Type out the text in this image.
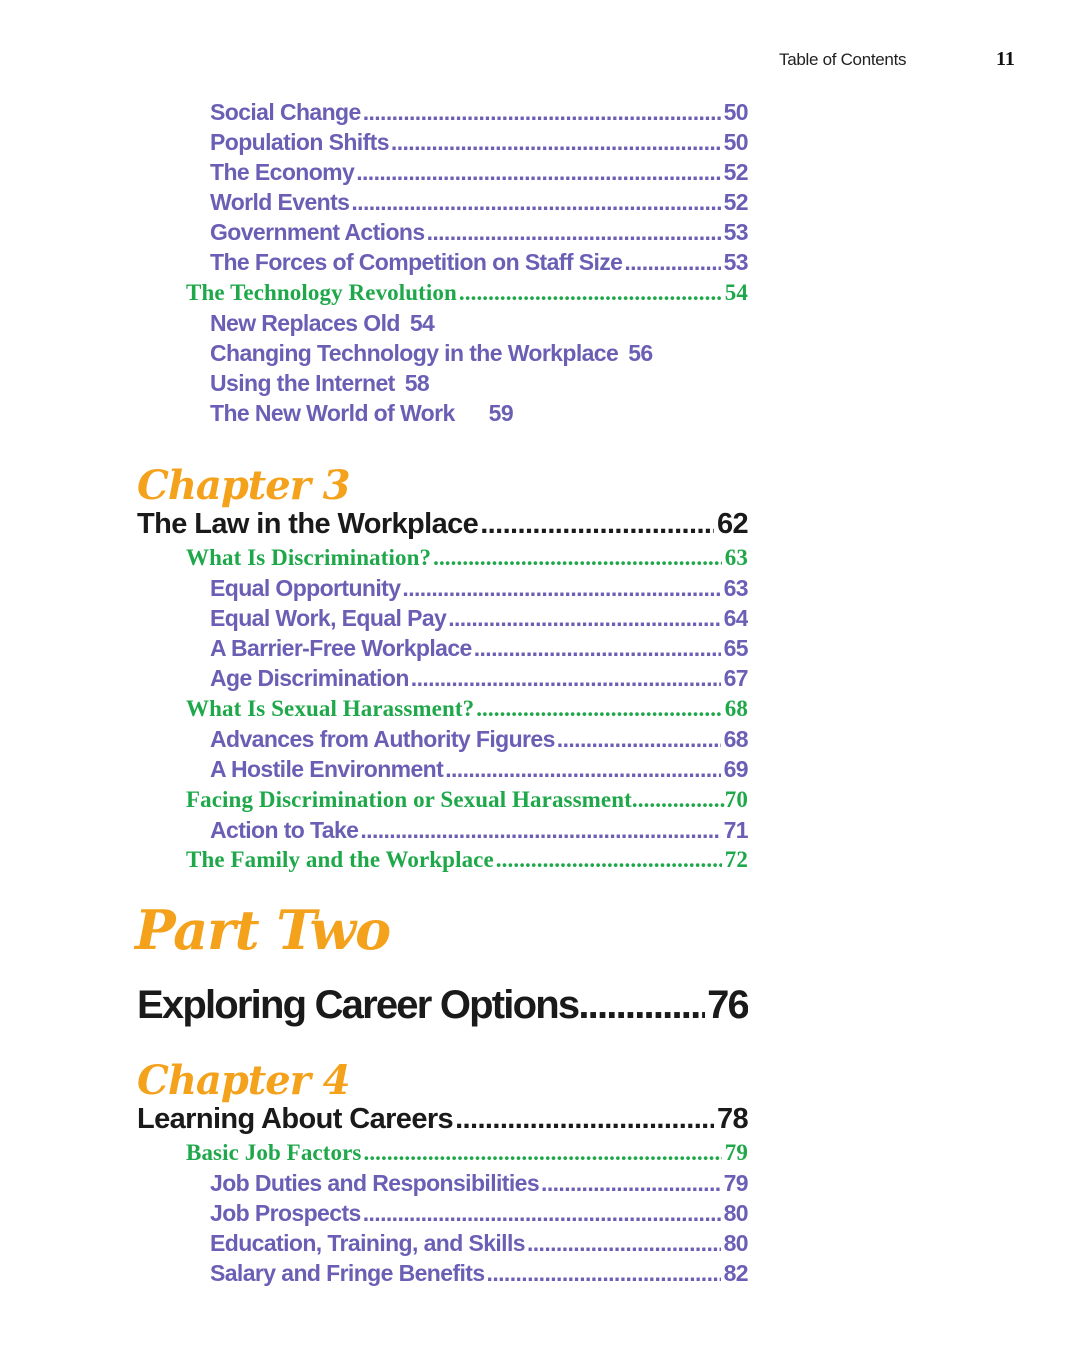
Table of Contents	11
Social Change .....	50
Population Shifts .....	50
The Economy .....	52
World Events .....	52
Government Actions .....	53
The Forces of Competition on Staff Size .....	53
The Technology Revolution .....	54
New Replaces Old 54
Changing Technology in the Workplace 56
Using the Internet 58
The New World of Work 59
Chapter 3
The Law in the Workplace .....	62
What Is Discrimination? .....	63
Equal Opportunity .....	63
Equal Work, Equal Pay .....	64
A Barrier-Free Workplace .....	65
Age Discrimination .....	67
What Is Sexual Harassment? .....	68
Advances from Authority Figures .....	68
A Hostile Environment .....	69
Facing Discrimination or Sexual Harassment .....	70
Action to Take .....	71
The Family and the Workplace .....	72
Part Two
Exploring Career Options .....	76
Chapter 4
Learning About Careers .....	78
Basic Job Factors .....	79
Job Duties and Responsibilities .....	79
Job Prospects .....	80
Education, Training, and Skills .....	80
Salary and Fringe Benefits .....	82
